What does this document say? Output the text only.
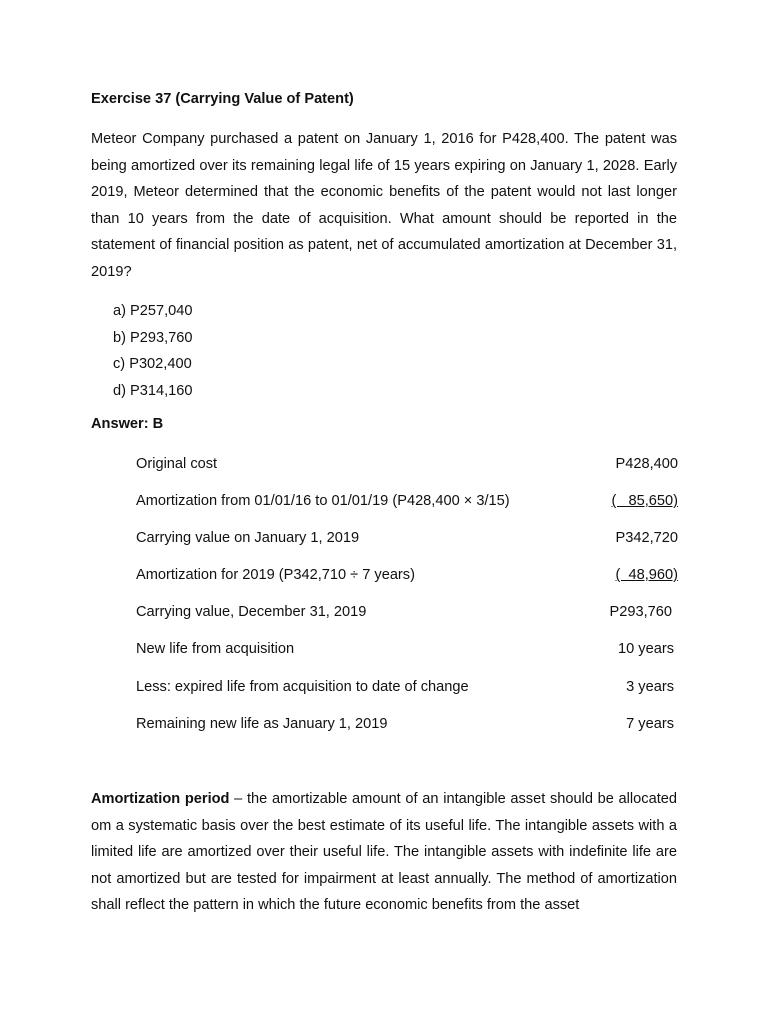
Exercise 37 (Carrying Value of Patent)
Meteor Company purchased a patent on January 1, 2016 for P428,400. The patent was being amortized over its remaining legal life of 15 years expiring on January 1, 2028. Early 2019, Meteor determined that the economic benefits of the patent would not last longer than 10 years from the date of acquisition. What amount should be reported in the statement of financial position as patent, net of accumulated amortization at December 31, 2019?
a) P257,040
b) P293,760
c) P302,400
d) P314,160
Answer: B
Original cost	P428,400
Amortization from 01/01/16 to 01/01/19 (P428,400 × 3/15)	(   85,650)
Carrying value on January 1, 2019	P342,720
Amortization for 2019 (P342,710 ÷ 7 years)	(  48,960)
Carrying value, December 31, 2019	P293,760
New life from acquisition	10 years
Less: expired life from acquisition to date of change	3 years
Remaining new life as January 1, 2019	7 years
Amortization period – the amortizable amount of an intangible asset should be allocated om a systematic basis over the best estimate of its useful life. The intangible assets with a limited life are amortized over their useful life. The intangible assets with indefinite life are not amortized but are tested for impairment at least annually. The method of amortization shall reflect the pattern in which the future economic benefits from the asset
